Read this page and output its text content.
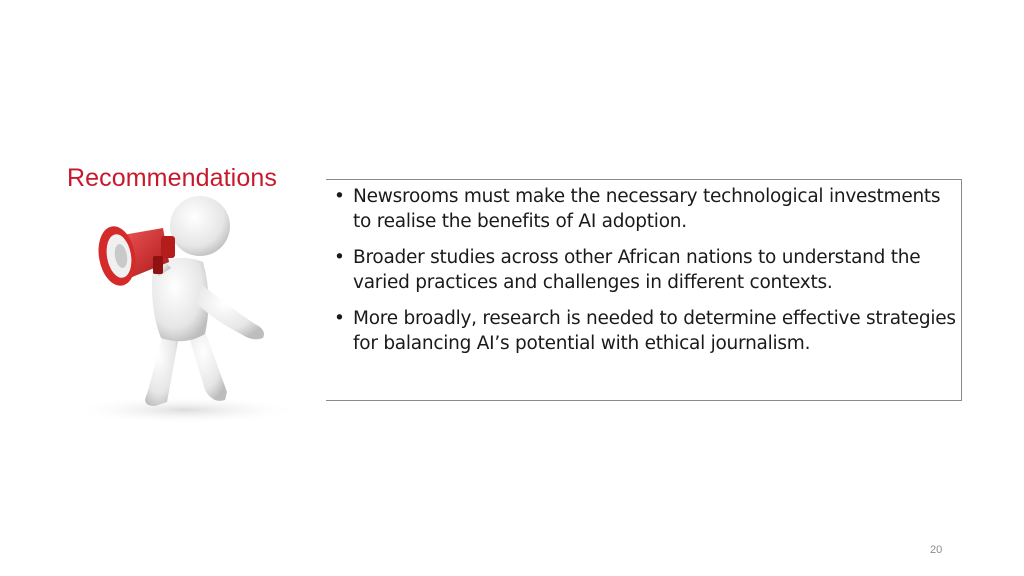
Recommendations
• Newsrooms must make the necessary technological investments to realise the benefits of AI adoption.
• Broader studies across other African nations to understand the varied practices and challenges in different contexts.
• More broadly, research is needed to determine effective strategies for balancing AI’s potential with ethical journalism.
20
